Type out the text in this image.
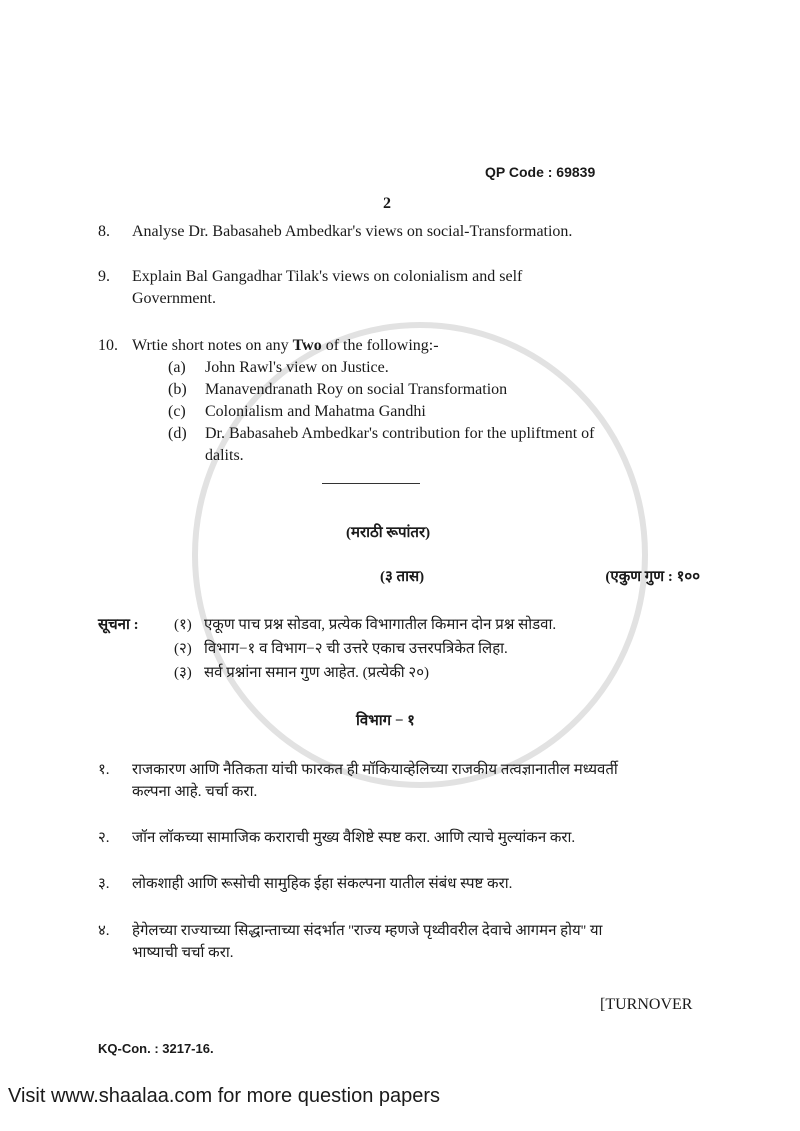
QP Code : 69839
2
8.	Analyse Dr. Babasaheb Ambedkar's views on social-Transformation.
9.	Explain Bal Gangadhar Tilak's views on colonialism and self
Government.
10. Wrtie short notes on any Two of the following:-
(a)	John Rawl's view on Justice.
(b)	Manavendranath Roy on social Transformation
(c)	Colonialism and Mahatma Gandhi
(d)	Dr. Babasaheb Ambedkar's contribution for the upliftment of
dalits.
(मराठी रूपांतर)
(३ तास)	(एकुण गुण : १००
सूचना :	(१) एकूण पाच प्रश्न सोडवा, प्रत्येक विभागातील किमान दोन प्रश्न सोडवा.
(२) विभाग−१ व विभाग−२ ची उत्तरे एकाच उत्तरपत्रिकेत लिहा.
(३) सर्व प्रश्नांना समान गुण आहेत. (प्रत्येकी २०)
विभाग − १
१.	राजकारण आणि नैतिकता यांची फारकत ही मॉकियाव्हेलिच्या राजकीय तत्वज्ञानातील मध्यवर्ती
कल्पना आहे. चर्चा करा.
२.	जॉन लॉकच्या सामाजिक कराराची मुख्य वैशिष्टे स्पष्ट करा. आणि त्याचे मुल्यांकन करा.
३.	लोकशाही आणि रूसोची सामुहिक ईहा संकल्पना यातील संबंध स्पष्ट करा.
४.	हेगेलच्या राज्याच्या सिद्धान्ताच्या संदर्भात ''राज्य म्हणजे पृथ्वीवरील देवाचे आगमन होय'' या
भाष्याची चर्चा करा.
[TURNOVER
KQ-Con. : 3217-16.
Visit www.shaalaa.com for more question papers
